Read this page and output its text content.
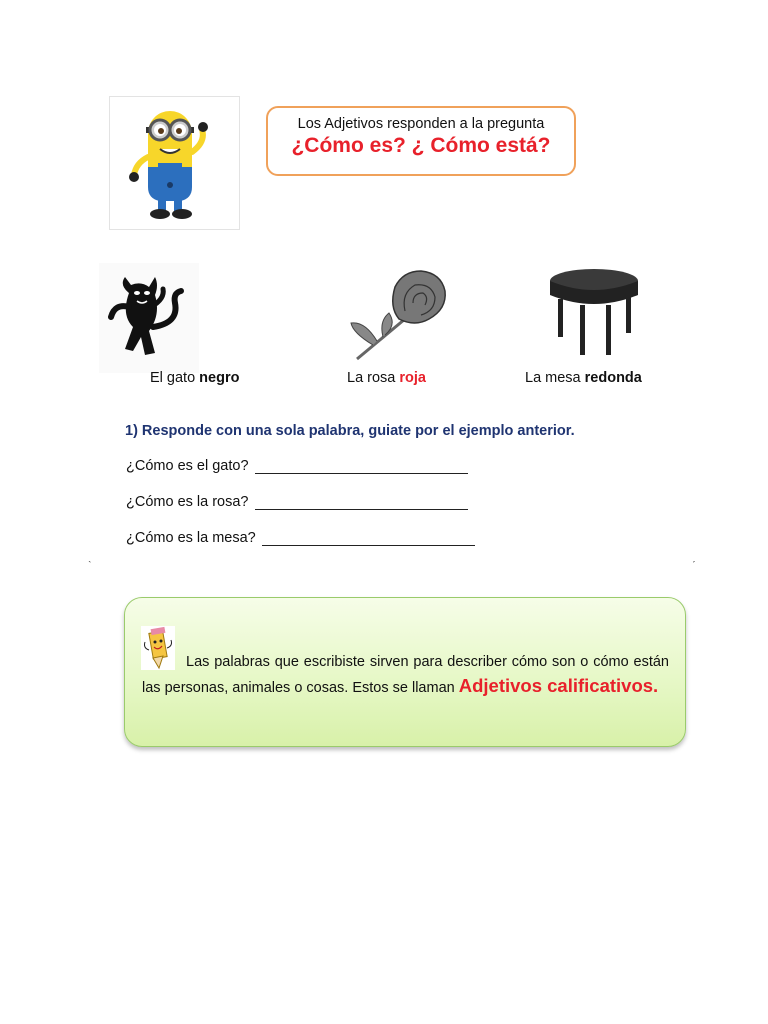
Los Adjetivos responden a la pregunta
¿Cómo es? ¿ Cómo está?
El gato negro	La rosa roja	La mesa redonda
1) Responde con una sola palabra, guiate por el ejemplo anterior.
¿Cómo es el gato?
¿Cómo es la rosa?
¿Cómo es la mesa?
ˋ	ˊ
Las palabras que escribiste sirven para describer cómo son o cómo están las personas, animales o cosas. Estos se llaman Adjetivos calificativos.
